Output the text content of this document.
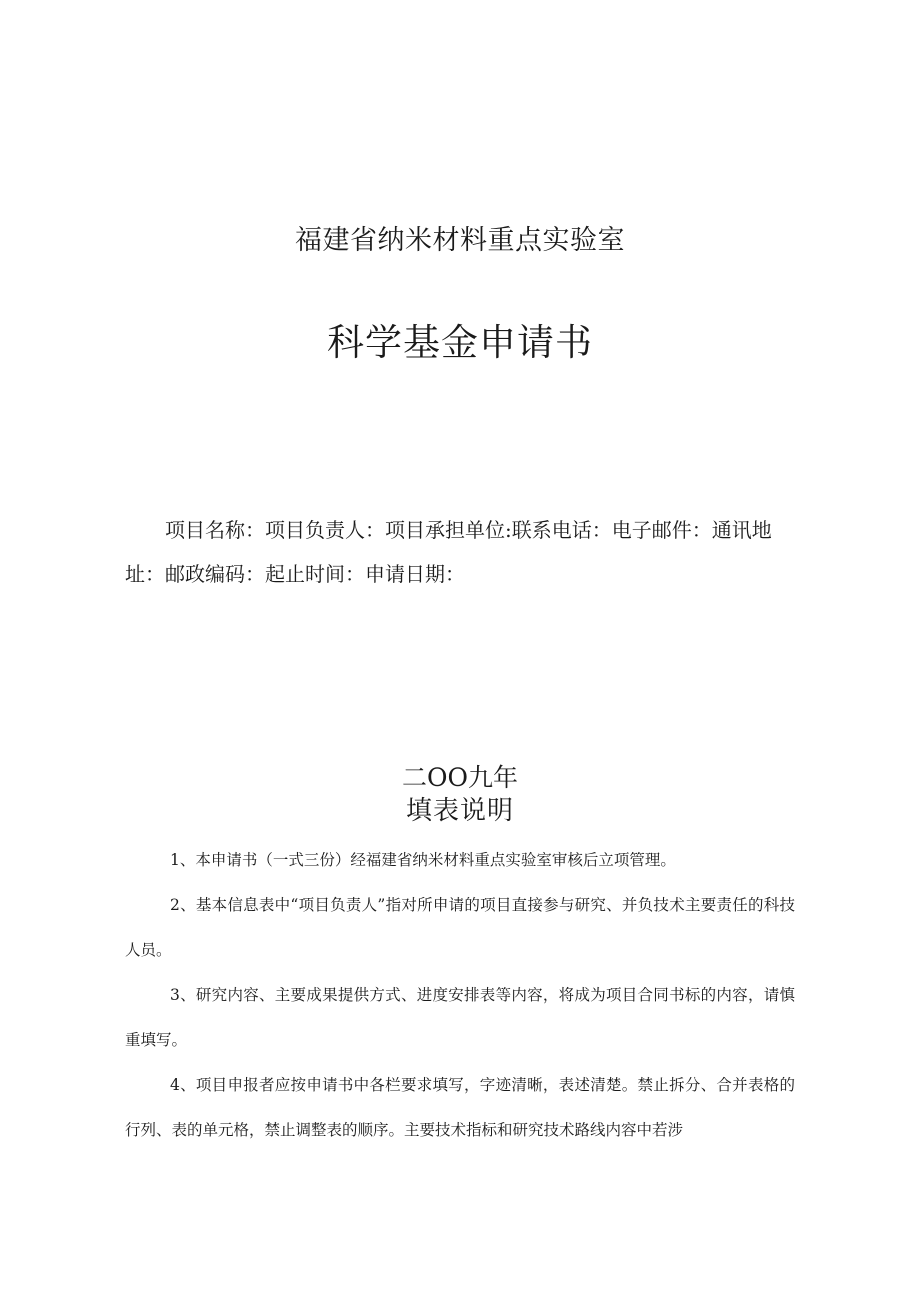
福建省纳米材料重点实验室
科学基金申请书
项目名称：项目负责人：项目承担单位:联系电话：电子邮件：通讯地址：邮政编码：起止时间：申请日期：
二OO九年
填表说明

1、本申请书（一式三份）经福建省纳米材料重点实验室审核后立项管理。

2、基本信息表中“项目负责人”指对所申请的项目直接参与研究、并负技术主要责任的科技人员。

3、研究内容、主要成果提供方式、进度安排表等内容，将成为项目合同书标的内容，请慎重填写。

4、项目申报者应按申请书中各栏要求填写，字迹清晰，表述清楚。禁止拆分、合并表格的行列、表的单元格，禁止调整表的顺序。主要技术指标和研究技术路线内容中若涉
